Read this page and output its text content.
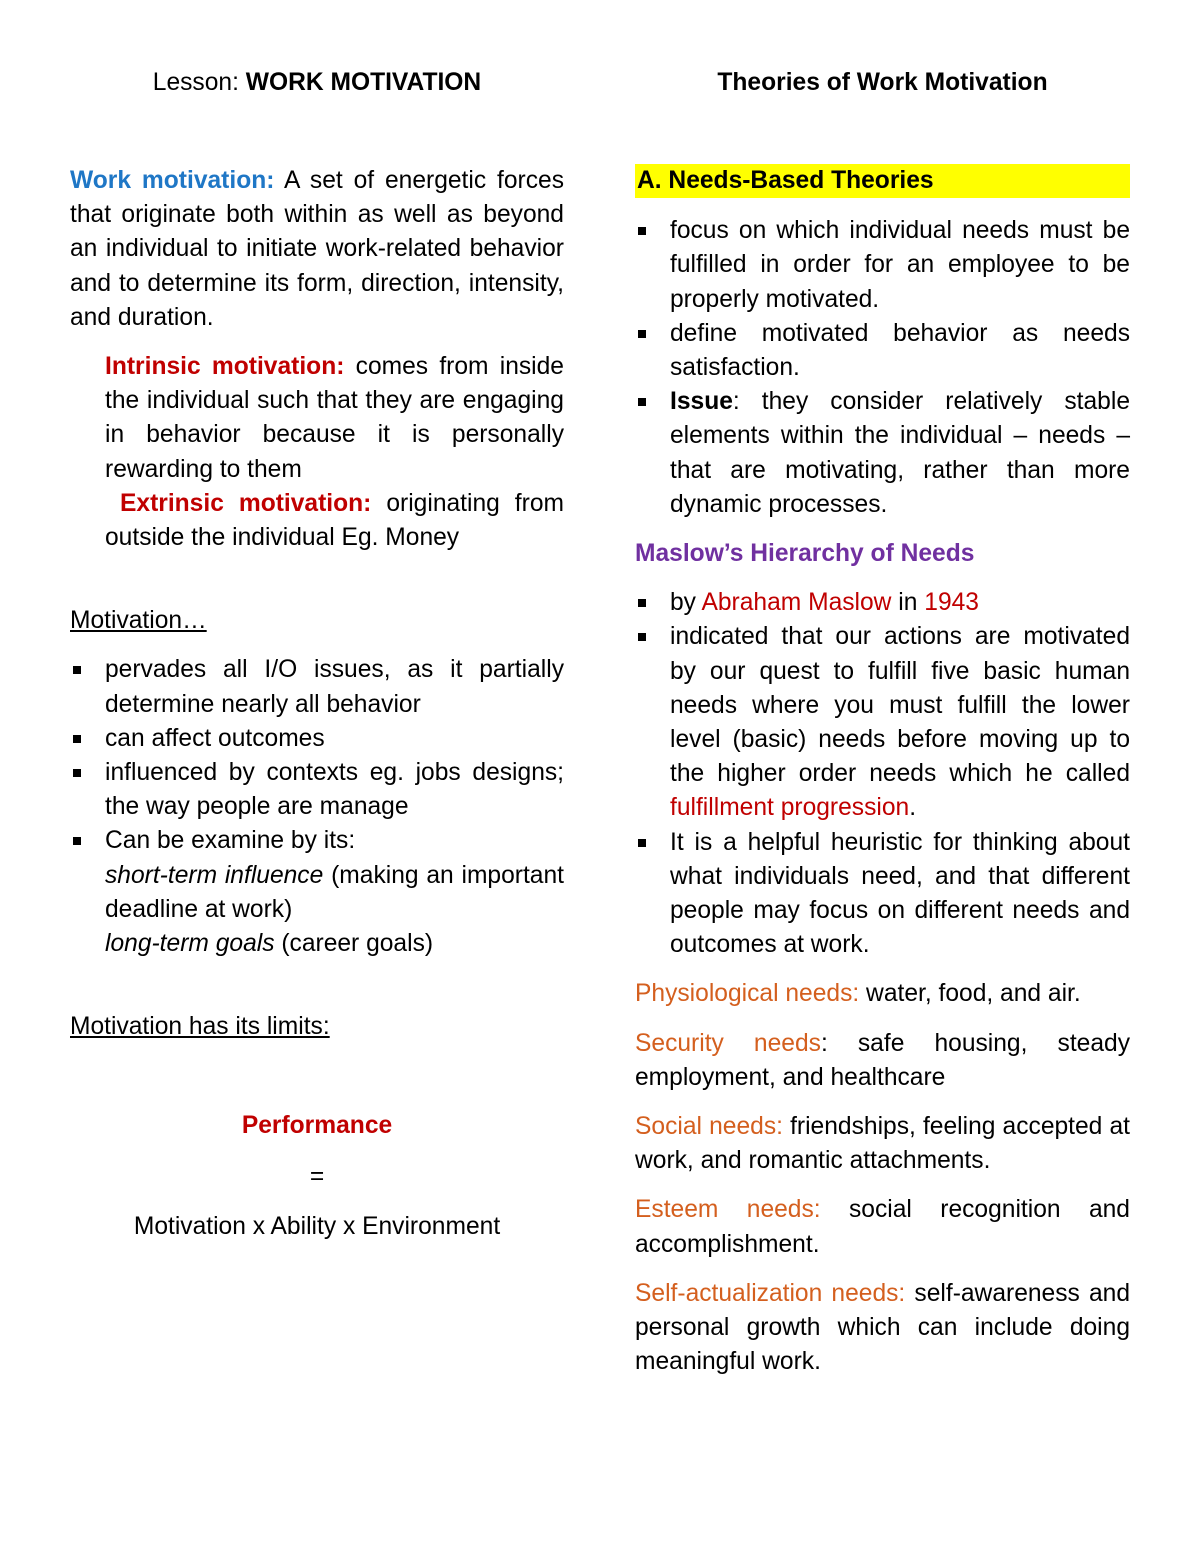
Lesson: WORK MOTIVATION

Work motivation: A set of energetic forces that originate both within as well as beyond an individual to initiate work-related behavior and to determine its form, direction, intensity, and duration.

Intrinsic motivation: comes from inside the individual such that they are engaging in behavior because it is personally rewarding to them

Extrinsic motivation: originating from outside the individual Eg. Money

Motivation…

pervades all I/O issues, as it partially determine nearly all behavior
can affect outcomes
influenced by contexts eg. jobs designs; the way people are manage
Can be examine by its:
short-term influence (making an important deadline at work)
long-term goals (career goals)

Motivation has its limits:

Performance

=

Motivation x Ability x Environment

Theories of Work Motivation

A. Needs-Based Theories

focus on which individual needs must be fulfilled in order for an employee to be properly motivated.
define motivated behavior as needs satisfaction.
Issue: they consider relatively stable elements within the individual – needs – that are motivating, rather than more dynamic processes.

Maslow’s Hierarchy of Needs

by Abraham Maslow in 1943
indicated that our actions are motivated by our quest to fulfill five basic human needs where you must fulfill the lower level (basic) needs before moving up to the higher order needs which he called fulfillment progression.
It is a helpful heuristic for thinking about what individuals need, and that different people may focus on different needs and outcomes at work.

Physiological needs: water, food, and air.

Security needs: safe housing, steady employment, and healthcare

Social needs: friendships, feeling accepted at work, and romantic attachments.

Esteem needs: social recognition and accomplishment.

Self-actualization needs: self-awareness and personal growth which can include doing meaningful work.
